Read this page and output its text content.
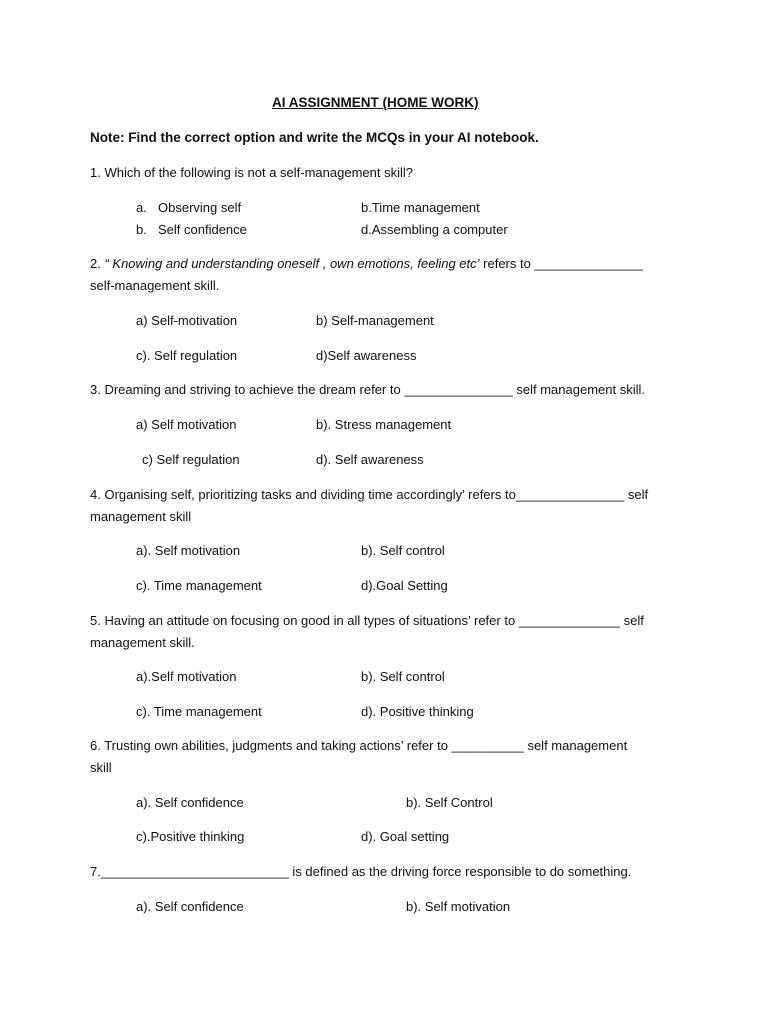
AI ASSIGNMENT (HOME WORK)
Note: Find the correct option and write the MCQs in your AI notebook.
1. Which of the following is not a self-management skill?
a. Observing self	b.Time management
b. Self confidence	d.Assembling a computer
2. “ Knowing and understanding oneself , own emotions, feeling etc’ refers to _______________
self-management skill.
a) Self-motivation	b) Self-management
c). Self regulation	d)Self awareness
3. Dreaming and striving to achieve the dream refer to _______________ self management skill.
a) Self motivation	b). Stress management
c) Self regulation	d). Self awareness
4. Organising self, prioritizing tasks and dividing time accordingly’ refers to_______________ self
management skill
a). Self motivation	b). Self control
c). Time management	d).Goal Setting
5. Having an attitude on focusing on good in all types of situations’ refer to ______________ self
management skill.
a).Self motivation	b). Self control
c). Time management	d). Positive thinking
6. Trusting own abilities, judgments and taking actions’ refer to __________ self management
skill
a). Self confidence	b). Self Control
c).Positive thinking	d). Goal setting
7.__________________________ is defined as the driving force responsible to do something.
a). Self confidence	b). Self motivation
